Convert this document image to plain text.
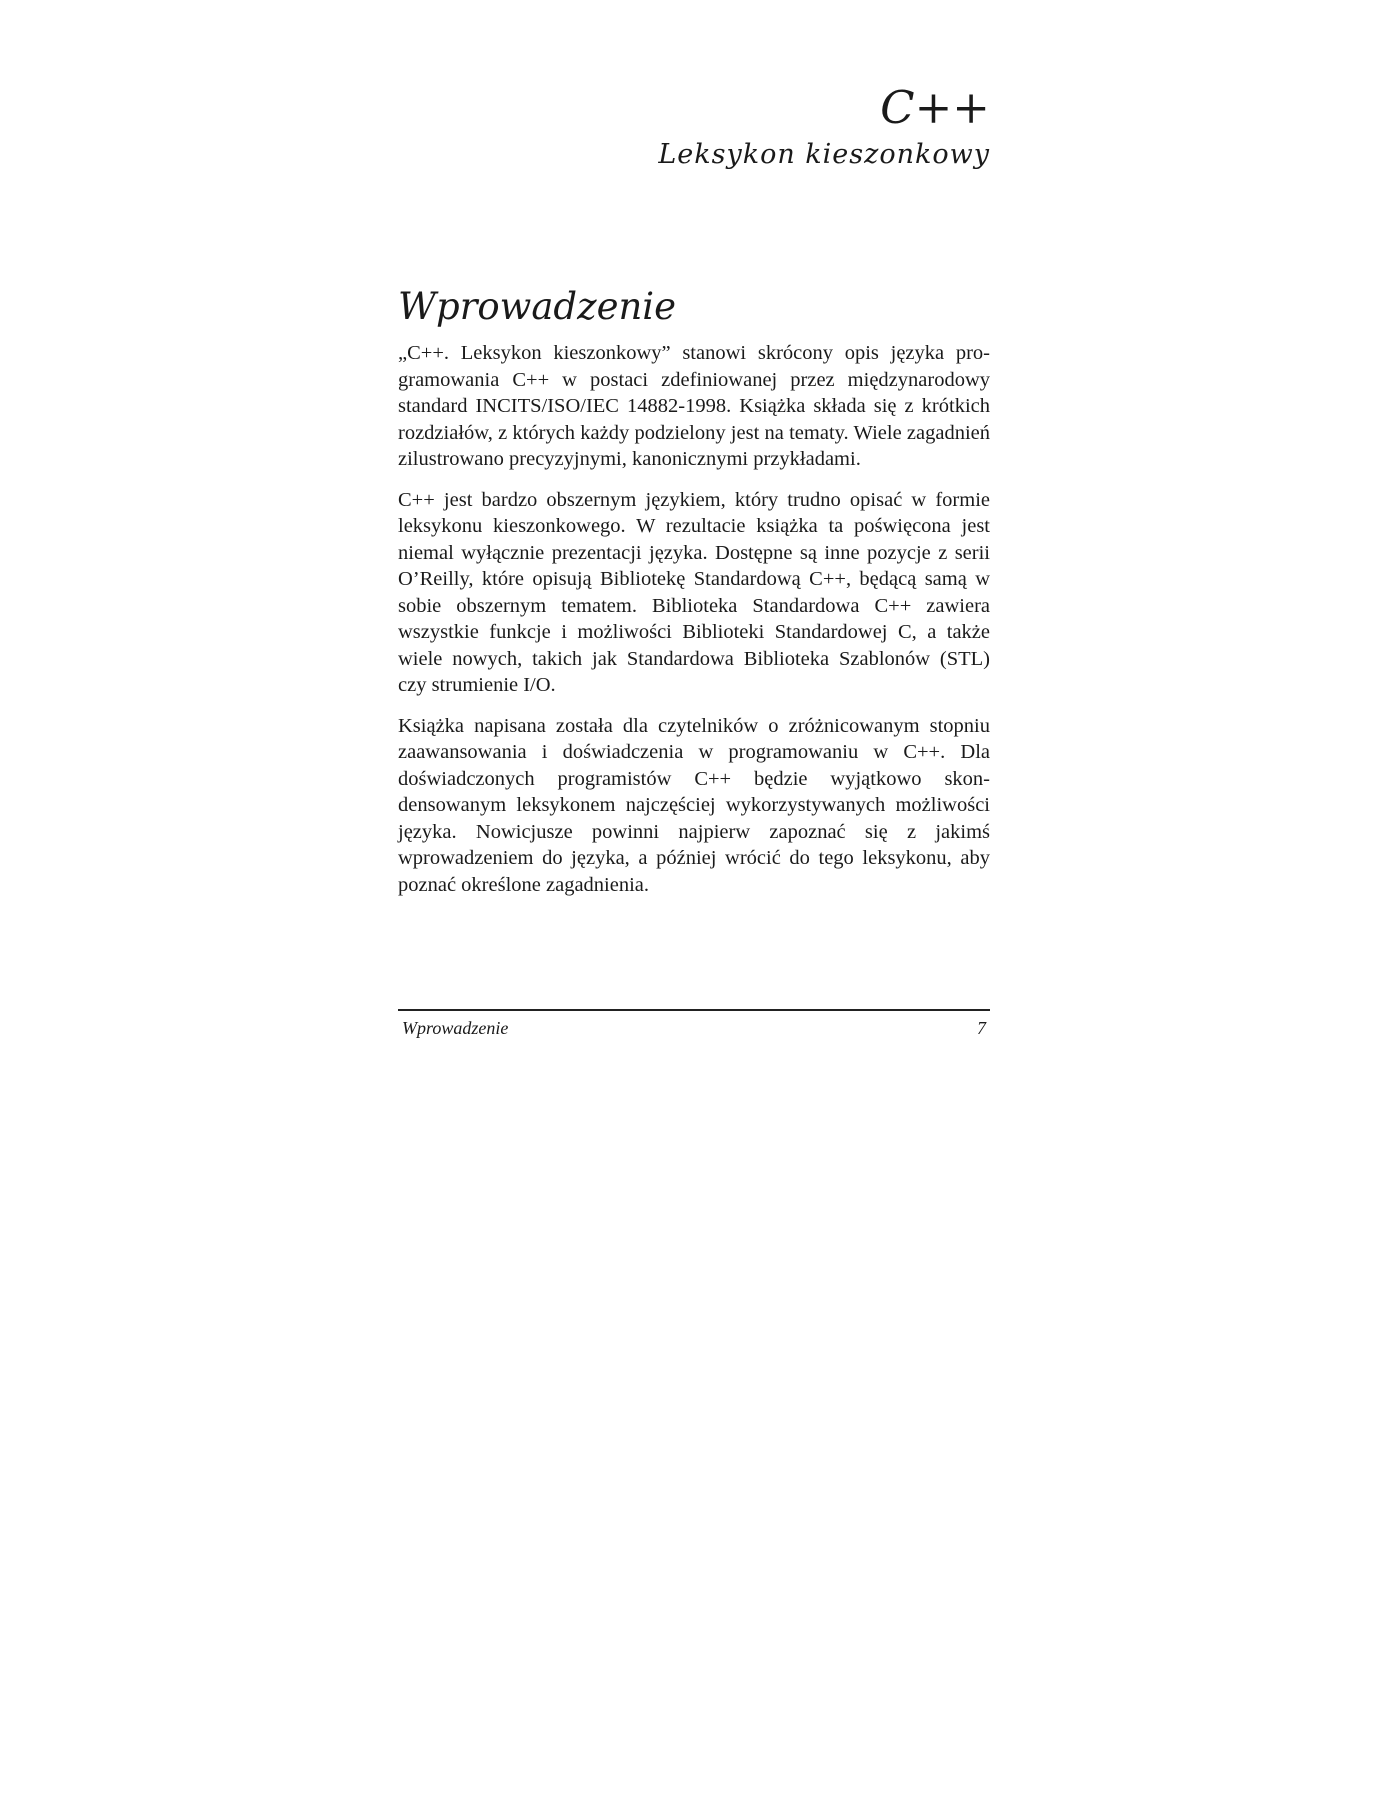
C++
Leksykon kieszonkowy
Wprowadzenie

„C++. Leksykon kieszonkowy” stanowi skrócony opis języka programowania C++ w postaci zdefiniowanej przez międzynarodowy standard INCITS/ISO/IEC 14882-1998. Książka składa się z krótkich rozdziałów, z których każdy podzielony jest na tematy. Wiele zagadnień zilustrowano precyzyjnymi, kanonicznymi przykładami.

C++ jest bardzo obszernym językiem, który trudno opisać w formie leksykonu kieszonkowego. W rezultacie książka ta poświęcona jest niemal wyłącznie prezentacji języka. Dostępne są inne pozycje z serii O’Reilly, które opisują Bibliotekę Standardową C++, będącą samą w sobie obszernym tematem. Biblioteka Standardowa C++ zawiera wszystkie funkcje i możliwości Biblioteki Standardowej C, a także wiele nowych, takich jak Standardowa Biblioteka Szablonów (STL) czy strumienie I/O.

Książka napisana została dla czytelników o zróżnicowanym stopniu zaawansowania i doświadczenia w programowaniu w C++. Dla doświadczonych programistów C++ będzie wyjątkowo skondensowanym leksykonem najczęściej wykorzystywanych możliwości języka. Nowicjusze powinni najpierw zapoznać się z jakimś wprowadzeniem do języka, a później wrócić do tego leksykonu, aby poznać określone zagadnienia.

Wprowadzenie	7
